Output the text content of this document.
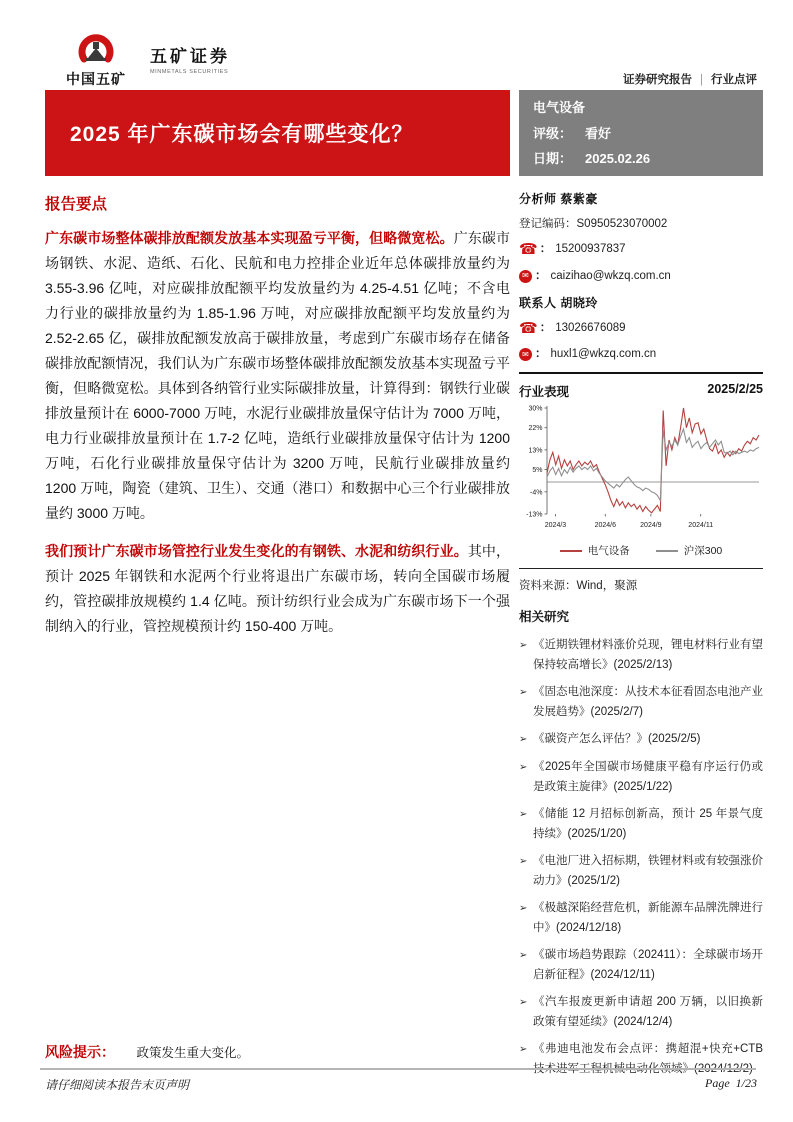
中国五矿
五矿证券
MINMETALS SECURITIES
证券研究报告 | 行业点评
2025 年广东碳市场会有哪些变化？
电气设备
评级： 看好
日期： 2025.02.26
报告要点

广东碳市场整体碳排放配额发放基本实现盈亏平衡，但略微宽松。广东碳市场钢铁、水泥、造纸、石化、民航和电力控排企业近年总体碳排放量约为 3.55-3.96 亿吨，对应碳排放配额平均发放量约为 4.25-4.51 亿吨；不含电力行业的碳排放量约为 1.85-1.96 万吨，对应碳排放配额平均发放量约为 2.52-2.65 亿，碳排放配额发放高于碳排放量，考虑到广东碳市场存在储备碳排放配额情况，我们认为广东碳市场整体碳排放配额发放基本实现盈亏平衡，但略微宽松。具体到各纳管行业实际碳排放量，计算得到：钢铁行业碳排放量预计在 6000-7000 万吨，水泥行业碳排放量保守估计为 7000 万吨，电力行业碳排放量预计在 1.7-2 亿吨，造纸行业碳排放量保守估计为 1200 万吨，石化行业碳排放量保守估计为 3200 万吨，民航行业碳排放量约 1200 万吨，陶瓷（建筑、卫生）、交通（港口）和数据中心三个行业碳排放量约 3000 万吨。

我们预计广东碳市场管控行业发生变化的有钢铁、水泥和纺织行业。其中，预计 2025 年钢铁和水泥两个行业将退出广东碳市场，转向全国碳市场履约，管控碳排放规模约 1.4 亿吨。预计纺织行业会成为广东碳市场下一个强制纳入的行业，管控规模预计约 150-400 万吨。

分析师 蔡紫豪
登记编码： S0950523070002
☎ ： 15200937837
✉ ： caizihao@wkzq.com.cn
联系人 胡晓玲
☎ ： 13026676089
✉ ： huxl1@wkzq.com.cn
行业表现	2025/2/25
30%
22%
13%
5%
-4%
-13%
2024/3	2024/6	2024/9	2024/11
电气设备	沪深300
资料来源：Wind，聚源
相关研究
➢ 《近期铁锂材料涨价兑现，锂电材料行业有望保持较高增长》(2025/2/13)
➢ 《固态电池深度：从技术本征看固态电池产业发展趋势》(2025/2/7)
➢ 《碳资产怎么评估？》(2025/2/5)
➢ 《2025年全国碳市场健康平稳有序运行仍或是政策主旋律》(2025/1/22)
➢ 《储能 12 月招标创新高，预计 25 年景气度持续》(2025/1/20)
➢ 《电池厂进入招标期，铁锂材料或有较强涨价动力》(2025/1/2)
➢ 《极越深陷经营危机，新能源车品牌洗牌进行中》(2024/12/18)
➢ 《碳市场趋势跟踪（202411）：全球碳市场开启新征程》(2024/12/11)
➢ 《汽车报废更新申请超 200 万辆，以旧换新政策有望延续》(2024/12/4)
➢ 《弗迪电池发布会点评：携超混+快充+CTB技术进军工程机械电动化领域》(2024/12/2)
风险提示： 政策发生重大变化。
请仔细阅读本报告末页声明	Page 1/23
